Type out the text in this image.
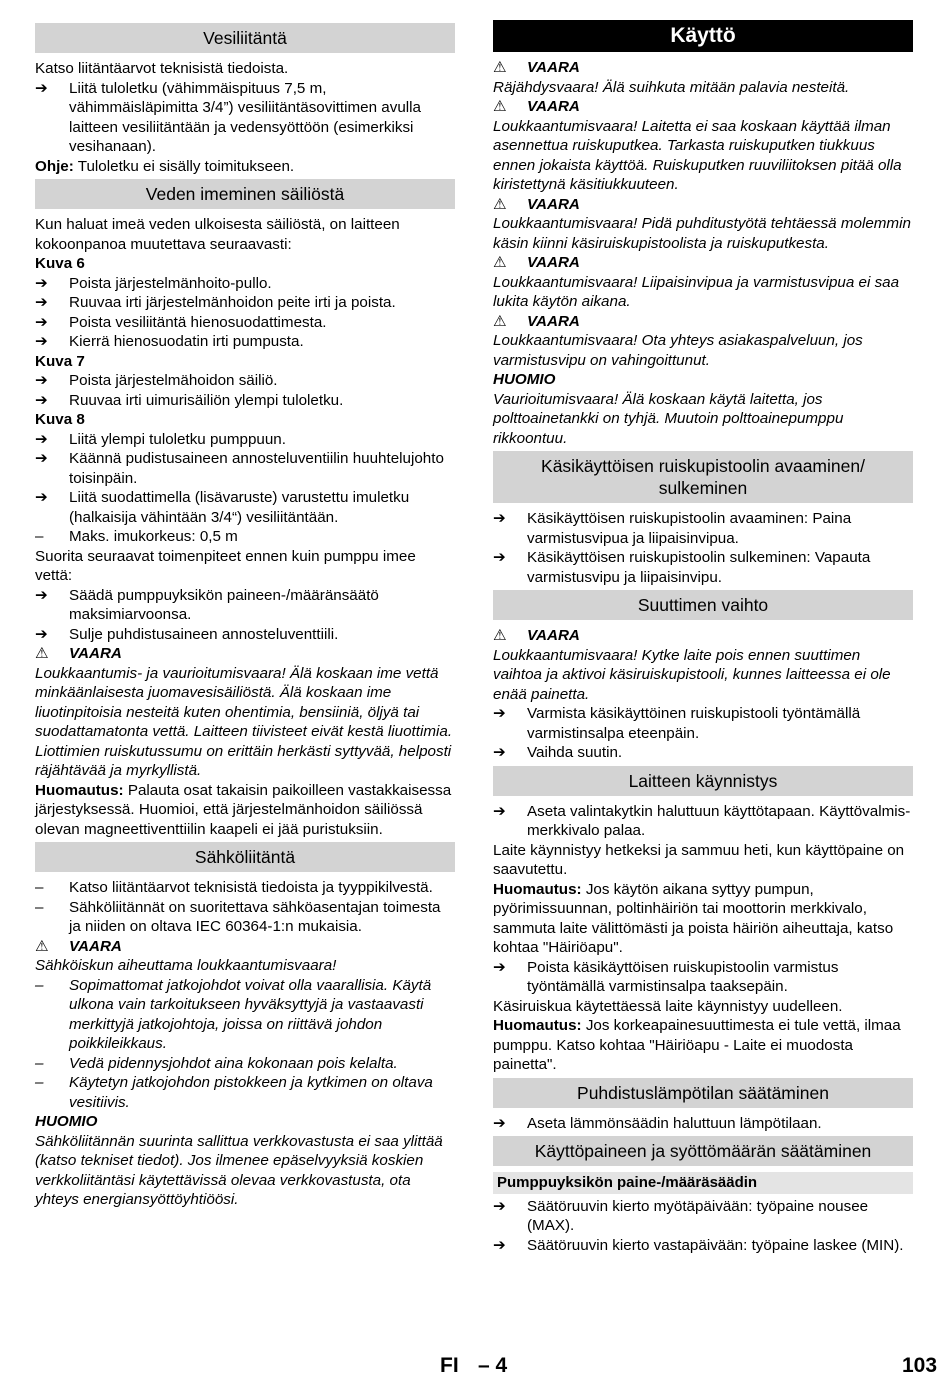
Vesiliitäntä

Katso liitäntäarvot teknisistä tiedoista.

➔	Liitä tuloletku (vähimmäispituus 7,5 m, vähimmäisläpimitta 3/4”) vesiliitäntäsovittimen avulla laitteen vesiliitäntään ja vedensyöttöön (esimerkiksi vesihanaan).

Ohje: Tuloletku ei sisälly toimitukseen.

Veden imeminen säiliöstä

Kun haluat imeä veden ulkoisesta säiliöstä, on laitteen kokoonpanoa muutettava seuraavasti:

Kuva 6

➔	Poista järjestelmänhoito-pullo.
➔	Ruuvaa irti järjestelmänhoidon peite irti ja poista.
➔	Poista vesiliitäntä hienosuodattimesta.
➔	Kierrä hienosuodatin irti pumpusta.

Kuva 7

➔	Poista järjestelmähoidon säiliö.
➔	Ruuvaa irti uimurisäiliön ylempi tuloletku.

Kuva 8

➔	Liitä ylempi tuloletku pumppuun.
➔	Käännä pudistusaineen annosteluventiilin huuhtelujohto toisinpäin.
➔	Liitä suodattimella (lisävaruste) varustettu imuletku (halkaisija vähintään 3/4“) vesiliitäntään.
–	Maks. imukorkeus: 0,5 m

Suorita seuraavat toimenpiteet ennen kuin pumppu imee vettä:

➔	Säädä pumppuyksikön paineen-/määränsäätö maksimiarvoonsa.
➔	Sulje puhdistusaineen annosteluventtiili.

⚠ VAARA

Loukkaantumis- ja vaurioitumisvaara! Älä koskaan ime vettä minkäänlaisesta juomavesisäiliöstä. Älä koskaan ime liuotinpitoisia nesteitä kuten ohentimia, bensiiniä, öljyä tai suodattamatonta vettä. Laitteen tiivisteet eivät kestä liuottimia. Liottimien ruiskutussumu on erittäin herkästi syttyvää, helposti räjähtävää ja myrkyllistä.

Huomautus: Palauta osat takaisin paikoilleen vastakkaisessa järjestyksessä. Huomioi, että järjestelmänhoidon säiliössä olevan magneettiventtiilin kaapeli ei jää puristuksiin.

Sähköliitäntä
–	Katso liitäntäarvot teknisistä tiedoista ja tyyppikilvestä.
–	Sähköliitännät on suoritettava sähköasentajan toimesta ja niiden on oltava IEC 60364-1:n mukaisia.

⚠ VAARA

Sähköiskun aiheuttama loukkaantumisvaara!

–	Sopimattomat jatkojohdot voivat olla vaarallisia. Käytä ulkona vain tarkoitukseen hyväksyttyjä ja vastaavasti merkittyjä jatkojohtoja, joissa on riittävä johdon poikkileikkaus.
–	Vedä pidennysjohdot aina kokonaan pois kelalta.
–	Käytetyn jatkojohdon pistokkeen ja kytkimen on oltava vesitiivis.

HUOMIO

Sähköliitännän suurinta sallittua verkkovastusta ei saa ylittää (katso tekniset tiedot). Jos ilmenee epäselvyyksiä koskien verkkoliitäntäsi käytettävissä olevaa verkkovastusta, ota yhteys energiansyöttöyhtiöösi.

Käyttö

⚠ VAARA

Räjähdysvaara! Älä suihkuta mitään palavia nesteitä.

⚠ VAARA

Loukkaantumisvaara! Laitetta ei saa koskaan käyttää ilman asennettua ruiskuputkea. Tarkasta ruiskuputken tiukkuus ennen jokaista käyttöä. Ruiskuputken ruuviliitoksen pitää olla kiristettynä käsitiukkuuteen.

⚠ VAARA

Loukkaantumisvaara! Pidä puhditustyötä tehtäessä molemmin käsin kiinni käsiruiskupistoolista ja ruiskuputkesta.

⚠ VAARA

Loukkaantumisvaara! Liipaisinvipua ja varmistusvipua ei saa lukita käytön aikana.

⚠ VAARA

Loukkaantumisvaara! Ota yhteys asiakaspalveluun, jos varmistusvipu on vahingoittunut.

HUOMIO

Vaurioitumisvaara! Älä koskaan käytä laitetta, jos polttoainetankki on tyhjä. Muutoin polttoainepumppu rikkoontuu.

Käsikäyttöisen ruiskupistoolin avaaminen/ sulkeminen
➔	Käsikäyttöisen ruiskupistoolin avaaminen: Paina varmistusvipua ja liipaisinvipua.
➔	Käsikäyttöisen ruiskupistoolin sulkeminen: Vapauta varmistusvipu ja liipaisinvipu.
Suuttimen vaihto

⚠ VAARA

Loukkaantumisvaara! Kytke laite pois ennen suuttimen vaihtoa ja aktivoi käsiruiskupistooli, kunnes laitteessa ei ole enää painetta.

➔	Varmista käsikäyttöinen ruiskupistooli työntämällä varmistinsalpa eteenpäin.
➔	Vaihda suutin.
Laitteen käynnistys
➔	Aseta valintakytkin haluttuun käyttötapaan. Käyttövalmis-merkkivalo palaa.

Laite käynnistyy hetkeksi ja sammuu heti, kun käyttöpaine on saavutettu.

Huomautus: Jos käytön aikana syttyy pumpun, pyörimissuunnan, poltinhäiriön tai moottorin merkkivalo, sammuta laite välittömästi ja poista häiriön aiheuttaja, katso kohtaa "Häiriöapu".

➔	Poista käsikäyttöisen ruiskupistoolin varmistus työntämällä varmistinsalpa taaksepäin.

Käsiruiskua käytettäessä laite käynnistyy uudelleen.

Huomautus: Jos korkeapainesuuttimesta ei tule vettä, ilmaa pumppu. Katso kohtaa "Häiriöapu - Laite ei muodosta painetta".

Puhdistuslämpötilan säätäminen
➔	Aseta lämmönsäädin haluttuun lämpötilaan.
Käyttöpaineen ja syöttömäärän säätäminen
Pumppuyksikön paine-/määräsäädin
➔	Säätöruuvin kierto myötäpäivään: työpaine nousee (MAX).
➔	Säätöruuvin kierto vastapäivään: työpaine laskee (MIN).
FI – 4	103
